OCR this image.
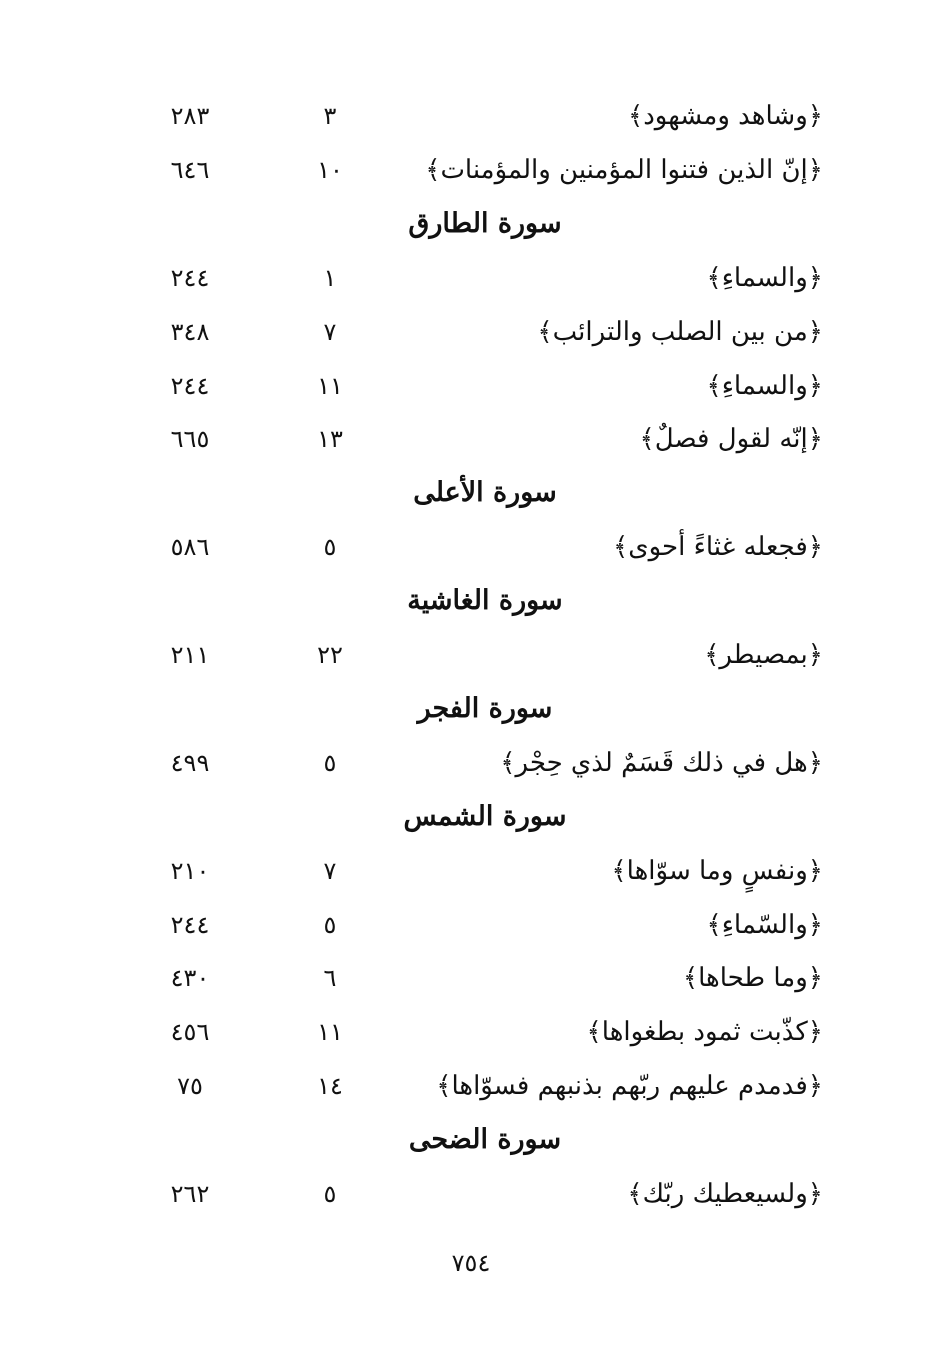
﴿وشاهد ومشهود﴾
٣
٢٨٣
﴿إنّ الذين فتنوا المؤمنين والمؤمنات﴾
١٠
٦٤٦
سورة الطارق
﴿والسماءِ﴾
١
٢٤٤
﴿من بين الصلب والترائب﴾
٧
٣٤٨
﴿والسماءِ﴾
١١
٢٤٤
﴿إنّه لقول فصلٌ﴾
١٣
٦٦٥
سورة الأعلى
﴿فجعله غثاءً أحوى﴾
٥
٥٨٦
سورة الغاشية
﴿بمصيطر﴾
٢٢
٢١١
سورة الفجر
﴿هل في ذلك قَسَمٌ لذي حِجْر﴾
٥
٤٩٩
سورة الشمس
﴿ونفسٍ وما سوّاها﴾
٧
٢١٠
﴿والسّماءِ﴾
٥
٢٤٤
﴿وما طحاها﴾
٦
٤٣٠
﴿كذّبت ثمود بطغواها﴾
١١
٤٥٦
﴿فدمدم عليهم ربّهم بذنبهم فسوّاها﴾
١٤
٧٥
سورة الضحى
﴿ولسيعطيك ربّك﴾
٥
٢٦٢
٧٥٤
